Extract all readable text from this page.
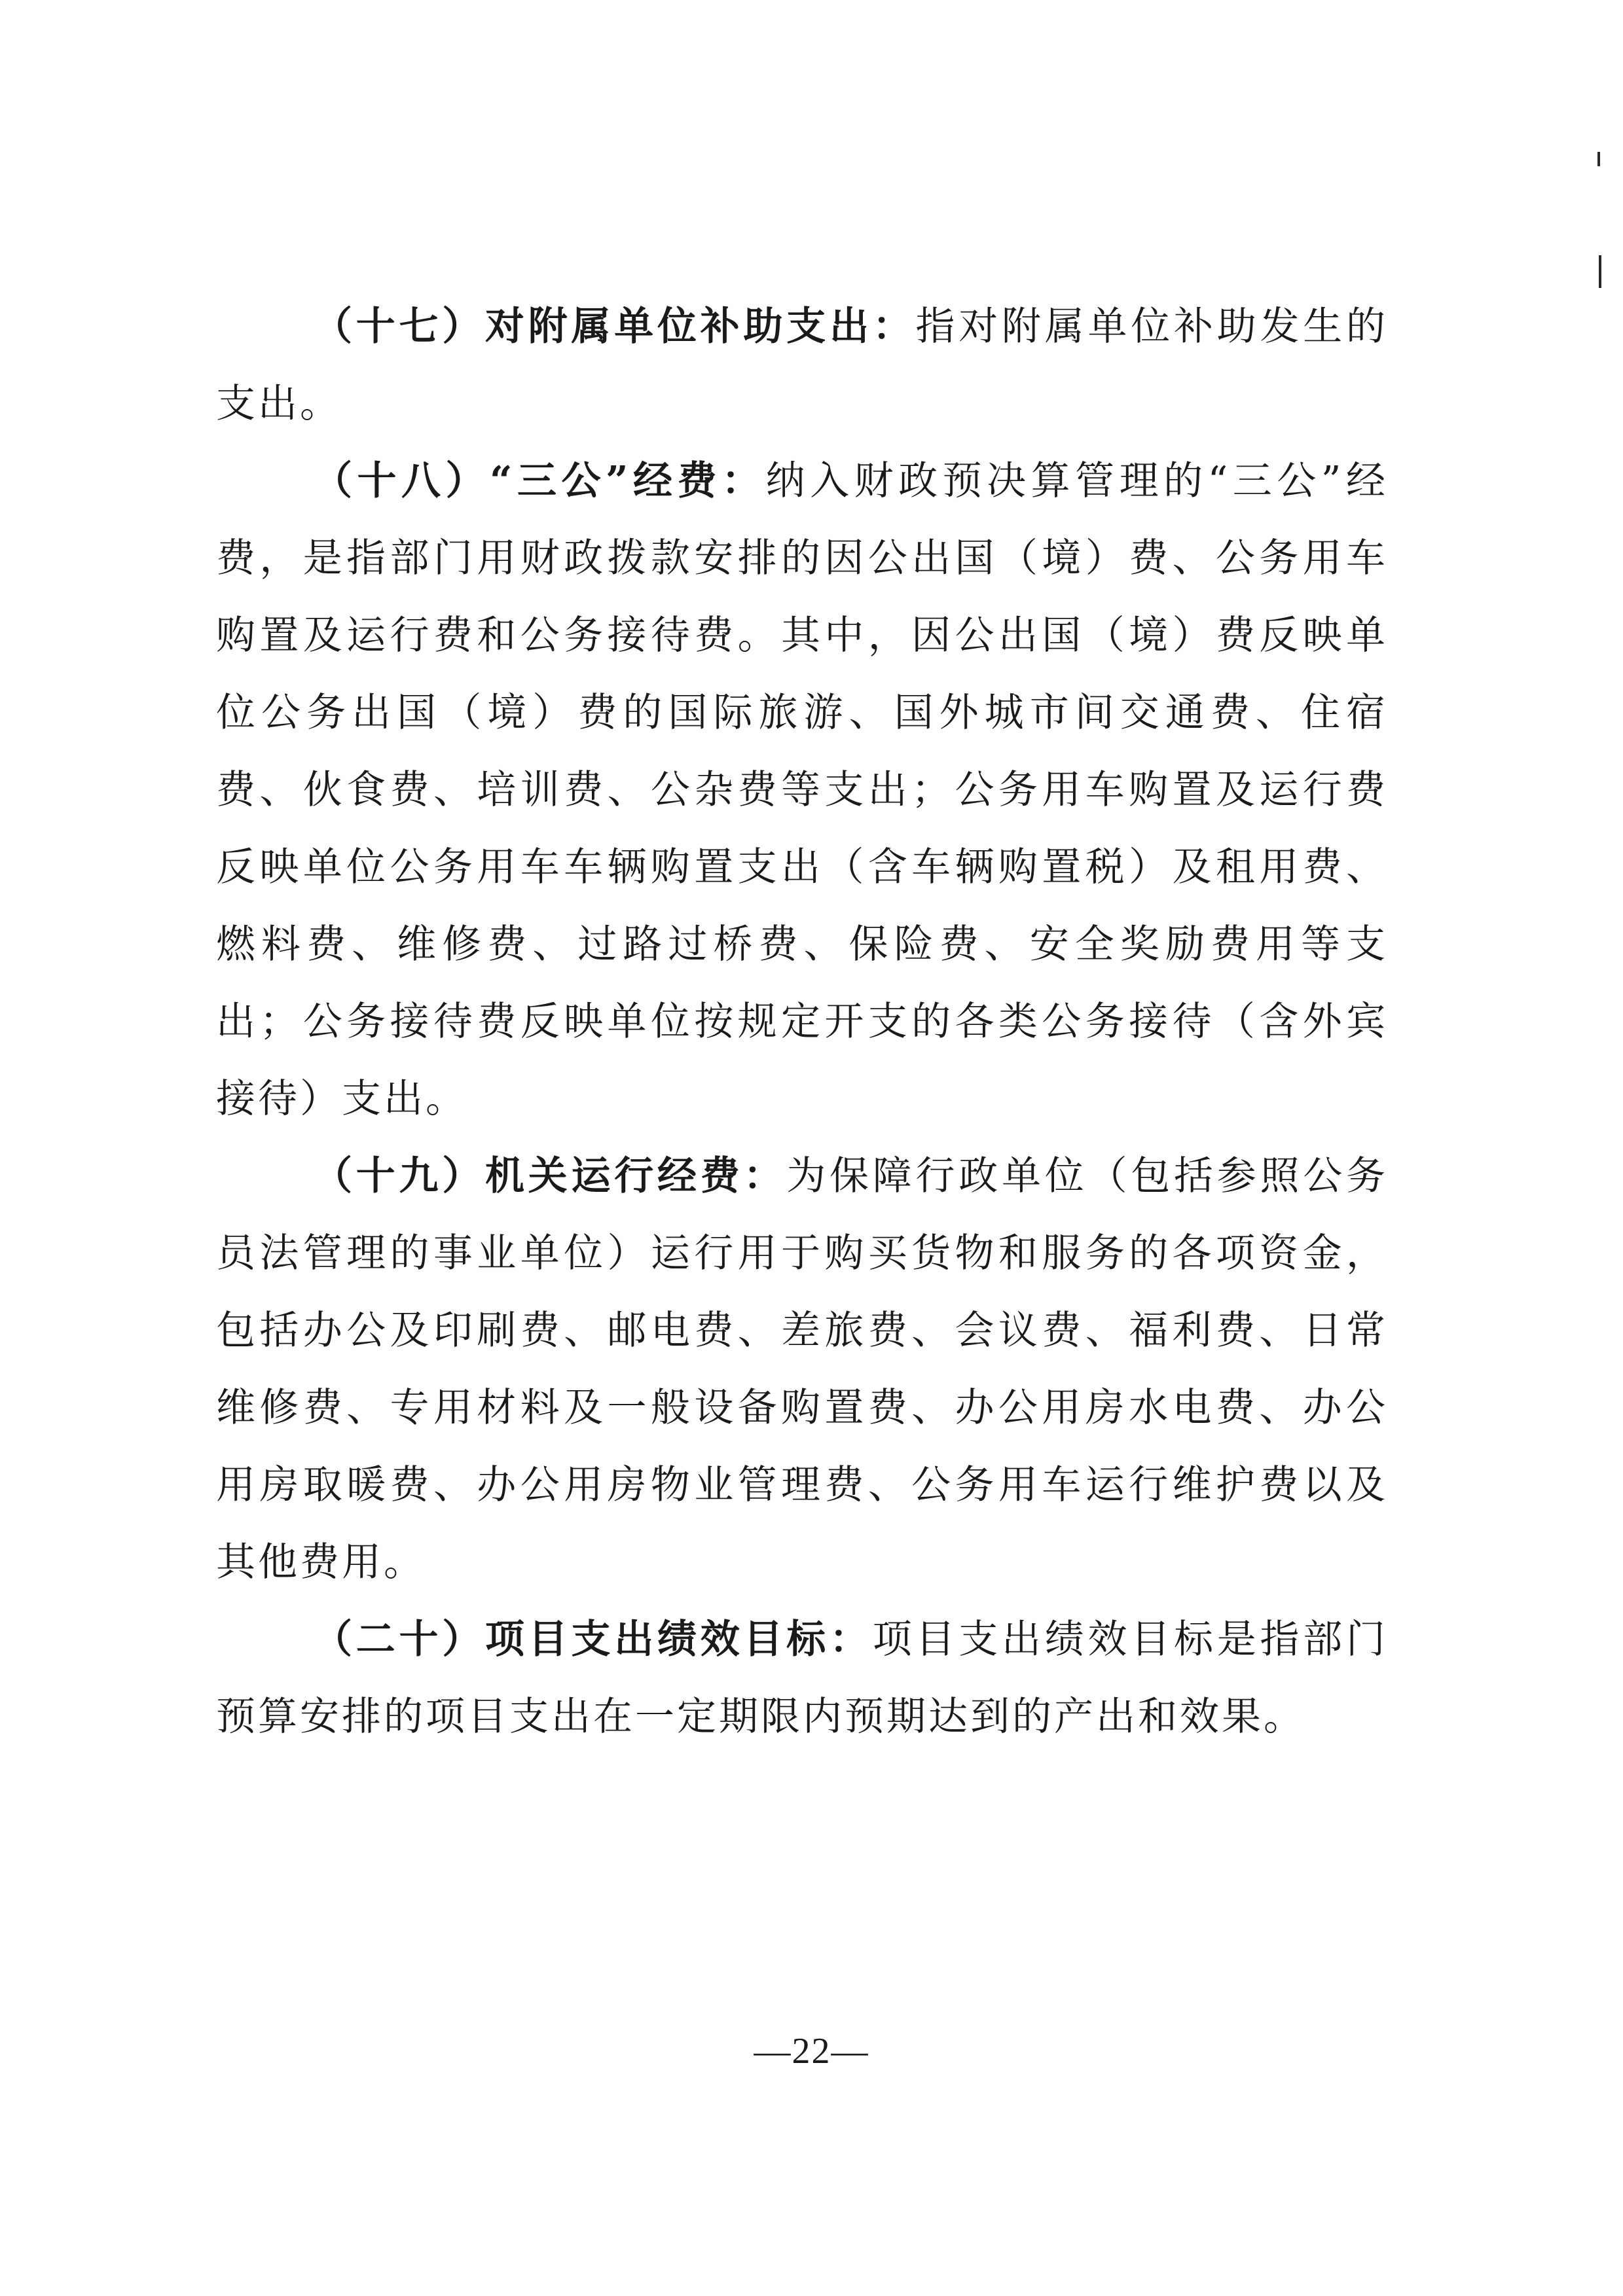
（十七）对附属单位补助支出：指对附属单位补助发生的支出。

（十八）“三公”经费：纳入财政预决算管理的“三公”经费，是指部门用财政拨款安排的因公出国（境）费、公务用车购置及运行费和公务接待费。其中，因公出国（境）费反映单位公务出国（境）费的国际旅游、国外城市间交通费、住宿费、伙食费、培训费、公杂费等支出；公务用车购置及运行费反映单位公务用车车辆购置支出（含车辆购置税）及租用费、燃料费、维修费、过路过桥费、保险费、安全奖励费用等支出；公务接待费反映单位按规定开支的各类公务接待（含外宾接待）支出。

（十九）机关运行经费：为保障行政单位（包括参照公务员法管理的事业单位）运行用于购买货物和服务的各项资金，包括办公及印刷费、邮电费、差旅费、会议费、福利费、日常维修费、专用材料及一般设备购置费、办公用房水电费、办公用房取暖费、办公用房物业管理费、公务用车运行维护费以及其他费用。

（二十）项目支出绩效目标：项目支出绩效目标是指部门预算安排的项目支出在一定期限内预期达到的产出和效果。

—22—
